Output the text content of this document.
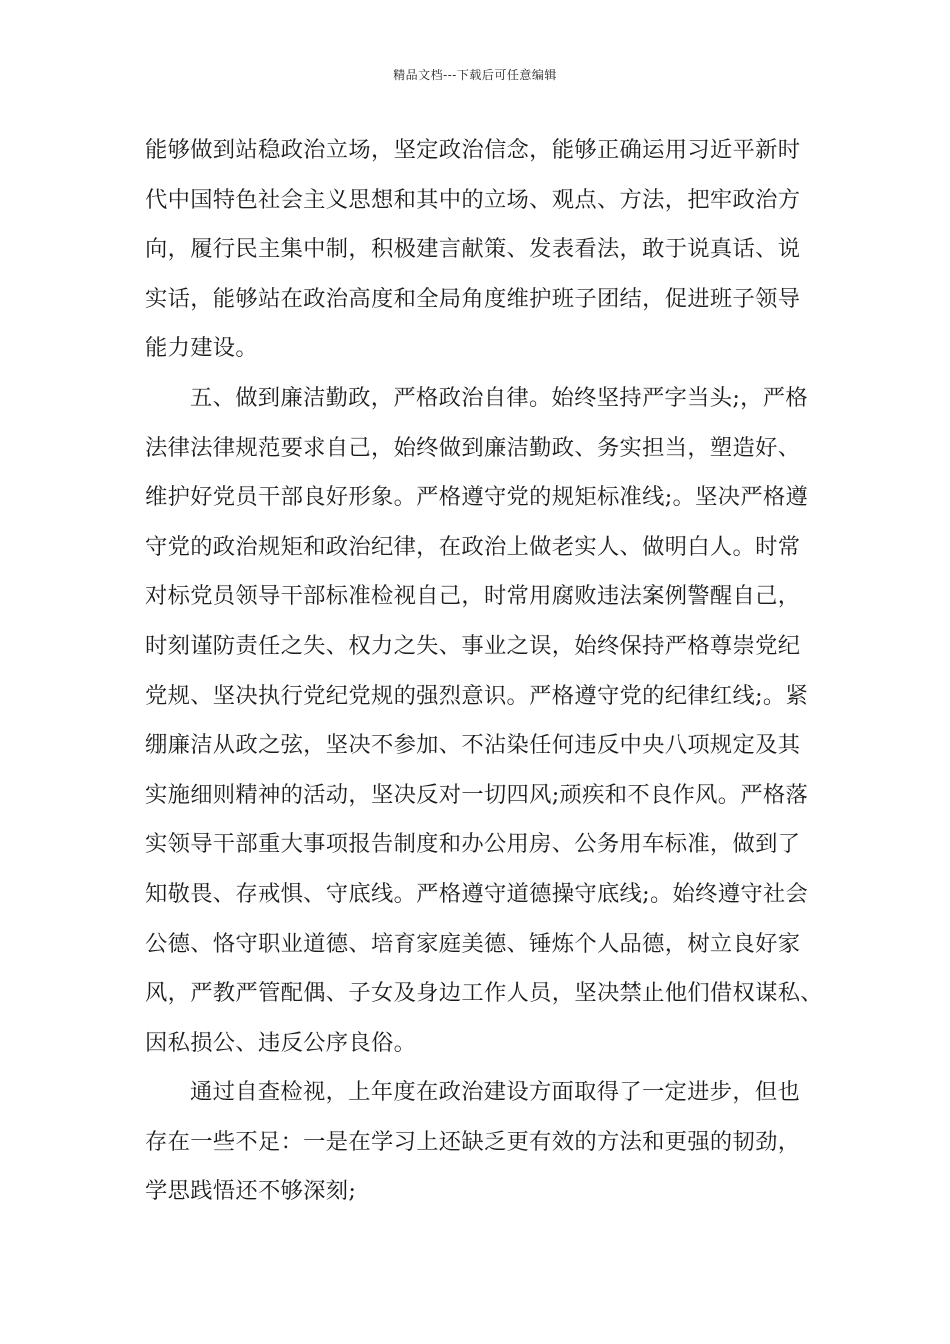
精品文档---下载后可任意编辑
能够做到站稳政治立场，坚定政治信念，能够正确运用习近平新时
代中国特色社会主义思想和其中的立场、观点、方法，把牢政治方
向，履行民主集中制，积极建言献策、发表看法，敢于说真话、说
实话，能够站在政治高度和全局角度维护班子团结，促进班子领导
能力建设。
五、做到廉洁勤政，严格政治自律。始终坚持严字当头;，严格
法律法律规范要求自己，始终做到廉洁勤政、务实担当，塑造好、
维护好党员干部良好形象。严格遵守党的规矩标准线;。坚决严格遵
守党的政治规矩和政治纪律，在政治上做老实人、做明白人。时常
对标党员领导干部标准检视自己，时常用腐败违法案例警醒自己，
时刻谨防责任之失、权力之失、事业之误，始终保持严格尊崇党纪
党规、坚决执行党纪党规的强烈意识。严格遵守党的纪律红线;。紧
绷廉洁从政之弦，坚决不参加、不沾染任何违反中央八项规定及其
实施细则精神的活动，坚决反对一切四风;顽疾和不良作风。严格落
实领导干部重大事项报告制度和办公用房、公务用车标准，做到了
知敬畏、存戒惧、守底线。严格遵守道德操守底线;。始终遵守社会
公德、恪守职业道德、培育家庭美德、锤炼个人品德，树立良好家
风，严教严管配偶、子女及身边工作人员，坚决禁止他们借权谋私、
因私损公、违反公序良俗。
通过自查检视，上年度在政治建设方面取得了一定进步，但也
存在一些不足：一是在学习上还缺乏更有效的方法和更强的韧劲，
学思践悟还不够深刻;
